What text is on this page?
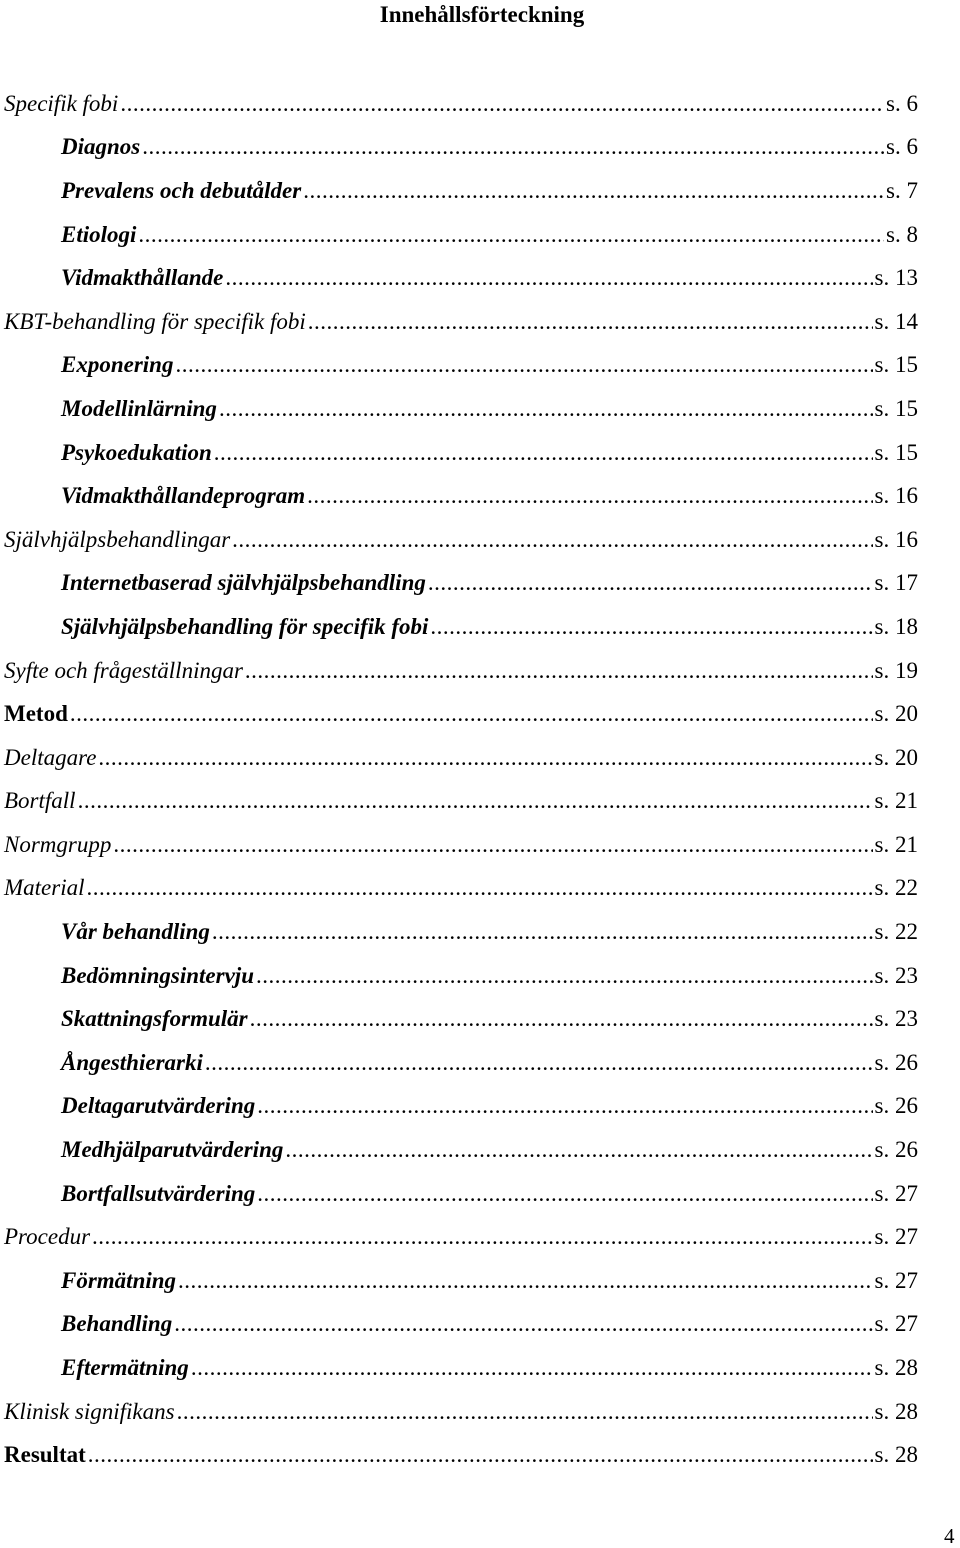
Innehållsförteckning
Specifik fobi .....	s. 6
Diagnos .....	s. 6
Prevalens och debutålder .....	s. 7
Etiologi .....	s. 8
Vidmakthållande .....	s. 13
KBT-behandling för specifik fobi .....	s. 14
Exponering .....	s. 15
Modellinlärning .....	s. 15
Psykoedukation .....	s. 15
Vidmakthållandeprogram .....	s. 16
Självhjälpsbehandlingar .....	s. 16
Internetbaserad självhjälpsbehandling .....	s. 17
Självhjälpsbehandling för specifik fobi .....	s. 18
Syfte och frågeställningar .....	s. 19
Metod .....	s. 20
Deltagare .....	s. 20
Bortfall .....	s. 21
Normgrupp .....	s. 21
Material .....	s. 22
Vår behandling .....	s. 22
Bedömningsintervju .....	s. 23
Skattningsformulär .....	s. 23
Ångesthierarki .....	s. 26
Deltagarutvärdering .....	s. 26
Medhjälparutvärdering .....	s. 26
Bortfallsutvärdering .....	s. 27
Procedur .....	s. 27
Förmätning .....	s. 27
Behandling .....	s. 27
Eftermätning .....	s. 28
Klinisk signifikans .....	s. 28
Resultat .....	s. 28
4
